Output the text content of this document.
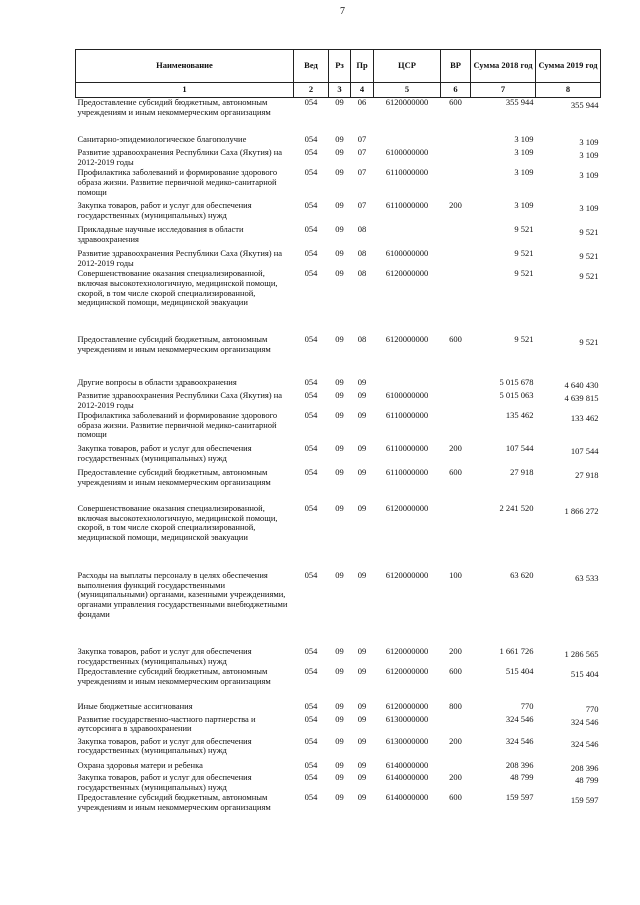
7
Наименование	Вед	Рз	Пр	ЦСР	ВР	Сумма 2018 год	Сумма 2019 год
1	2	3	4	5	6	7	8
Предоставление субсидий бюджетным, автономным учреждениям и иным некоммерческим организациям	054	09	06	6120000000	600	355 944	355 944
Санитарно-эпидемиологическое благополучие	054	09	07			3 109	3 109
Развитие здравоохранения Республики Саха (Якутия) на 2012-2019 годы	054	09	07	6100000000		3 109	3 109
Профилактика заболеваний и формирование здорового образа жизни. Развитие первичной медико-санитарной помощи	054	09	07	6110000000		3 109	3 109
Закупка товаров, работ и услуг для обеспечения государственных (муниципальных) нужд	054	09	07	6110000000	200	3 109	3 109
Прикладные научные исследования в области здравоохранения	054	09	08			9 521	9 521
Развитие здравоохранения Республики Саха (Якутия) на 2012-2019 годы	054	09	08	6100000000		9 521	9 521
Совершенствование оказания специализированной, включая высокотехнологичную, медицинской помощи, скорой, в том числе скорой специализированной, медицинской помощи, медицинской эвакуации	054	09	08	6120000000		9 521	9 521
Предоставление субсидий бюджетным, автономным учреждениям и иным некоммерческим организациям	054	09	08	6120000000	600	9 521	9 521
Другие вопросы в области здравоохранения	054	09	09			5 015 678	4 640 430
Развитие здравоохранения Республики Саха (Якутия) на 2012-2019 годы	054	09	09	6100000000		5 015 063	4 639 815
Профилактика заболеваний и формирование здорового образа жизни. Развитие первичной медико-санитарной помощи	054	09	09	6110000000		135 462	133 462
Закупка товаров, работ и услуг для обеспечения государственных (муниципальных) нужд	054	09	09	6110000000	200	107 544	107 544
Предоставление субсидий бюджетным, автономным учреждениям и иным некоммерческим организациям	054	09	09	6110000000	600	27 918	27 918
Совершенствование оказания специализированной, включая высокотехнологичную, медицинской помощи, скорой, в том числе скорой специализированной, медицинской помощи, медицинской эвакуации	054	09	09	6120000000		2 241 520	1 866 272
Расходы на выплаты персоналу в целях обеспечения выполнения функций государственными (муниципальными) органами, казенными учреждениями, органами управления государственными внебюджетными фондами	054	09	09	6120000000	100	63 620	63 533
Закупка товаров, работ и услуг для обеспечения государственных (муниципальных) нужд	054	09	09	6120000000	200	1 661 726	1 286 565
Предоставление субсидий бюджетным, автономным учреждениям и иным некоммерческим организациям	054	09	09	6120000000	600	515 404	515 404
Иные бюджетные ассигнования	054	09	09	6120000000	800	770	770
Развитие государственно-частного партнерства и аутсорсинга в здравоохранении	054	09	09	6130000000		324 546	324 546
Закупка товаров, работ и услуг для обеспечения государственных (муниципальных) нужд	054	09	09	6130000000	200	324 546	324 546
Охрана здоровья матери и ребенка	054	09	09	6140000000		208 396	208 396
Закупка товаров, работ и услуг для обеспечения государственных (муниципальных) нужд	054	09	09	6140000000	200	48 799	48 799
Предоставление субсидий бюджетным, автономным учреждениям и иным некоммерческим организациям	054	09	09	6140000000	600	159 597	159 597
